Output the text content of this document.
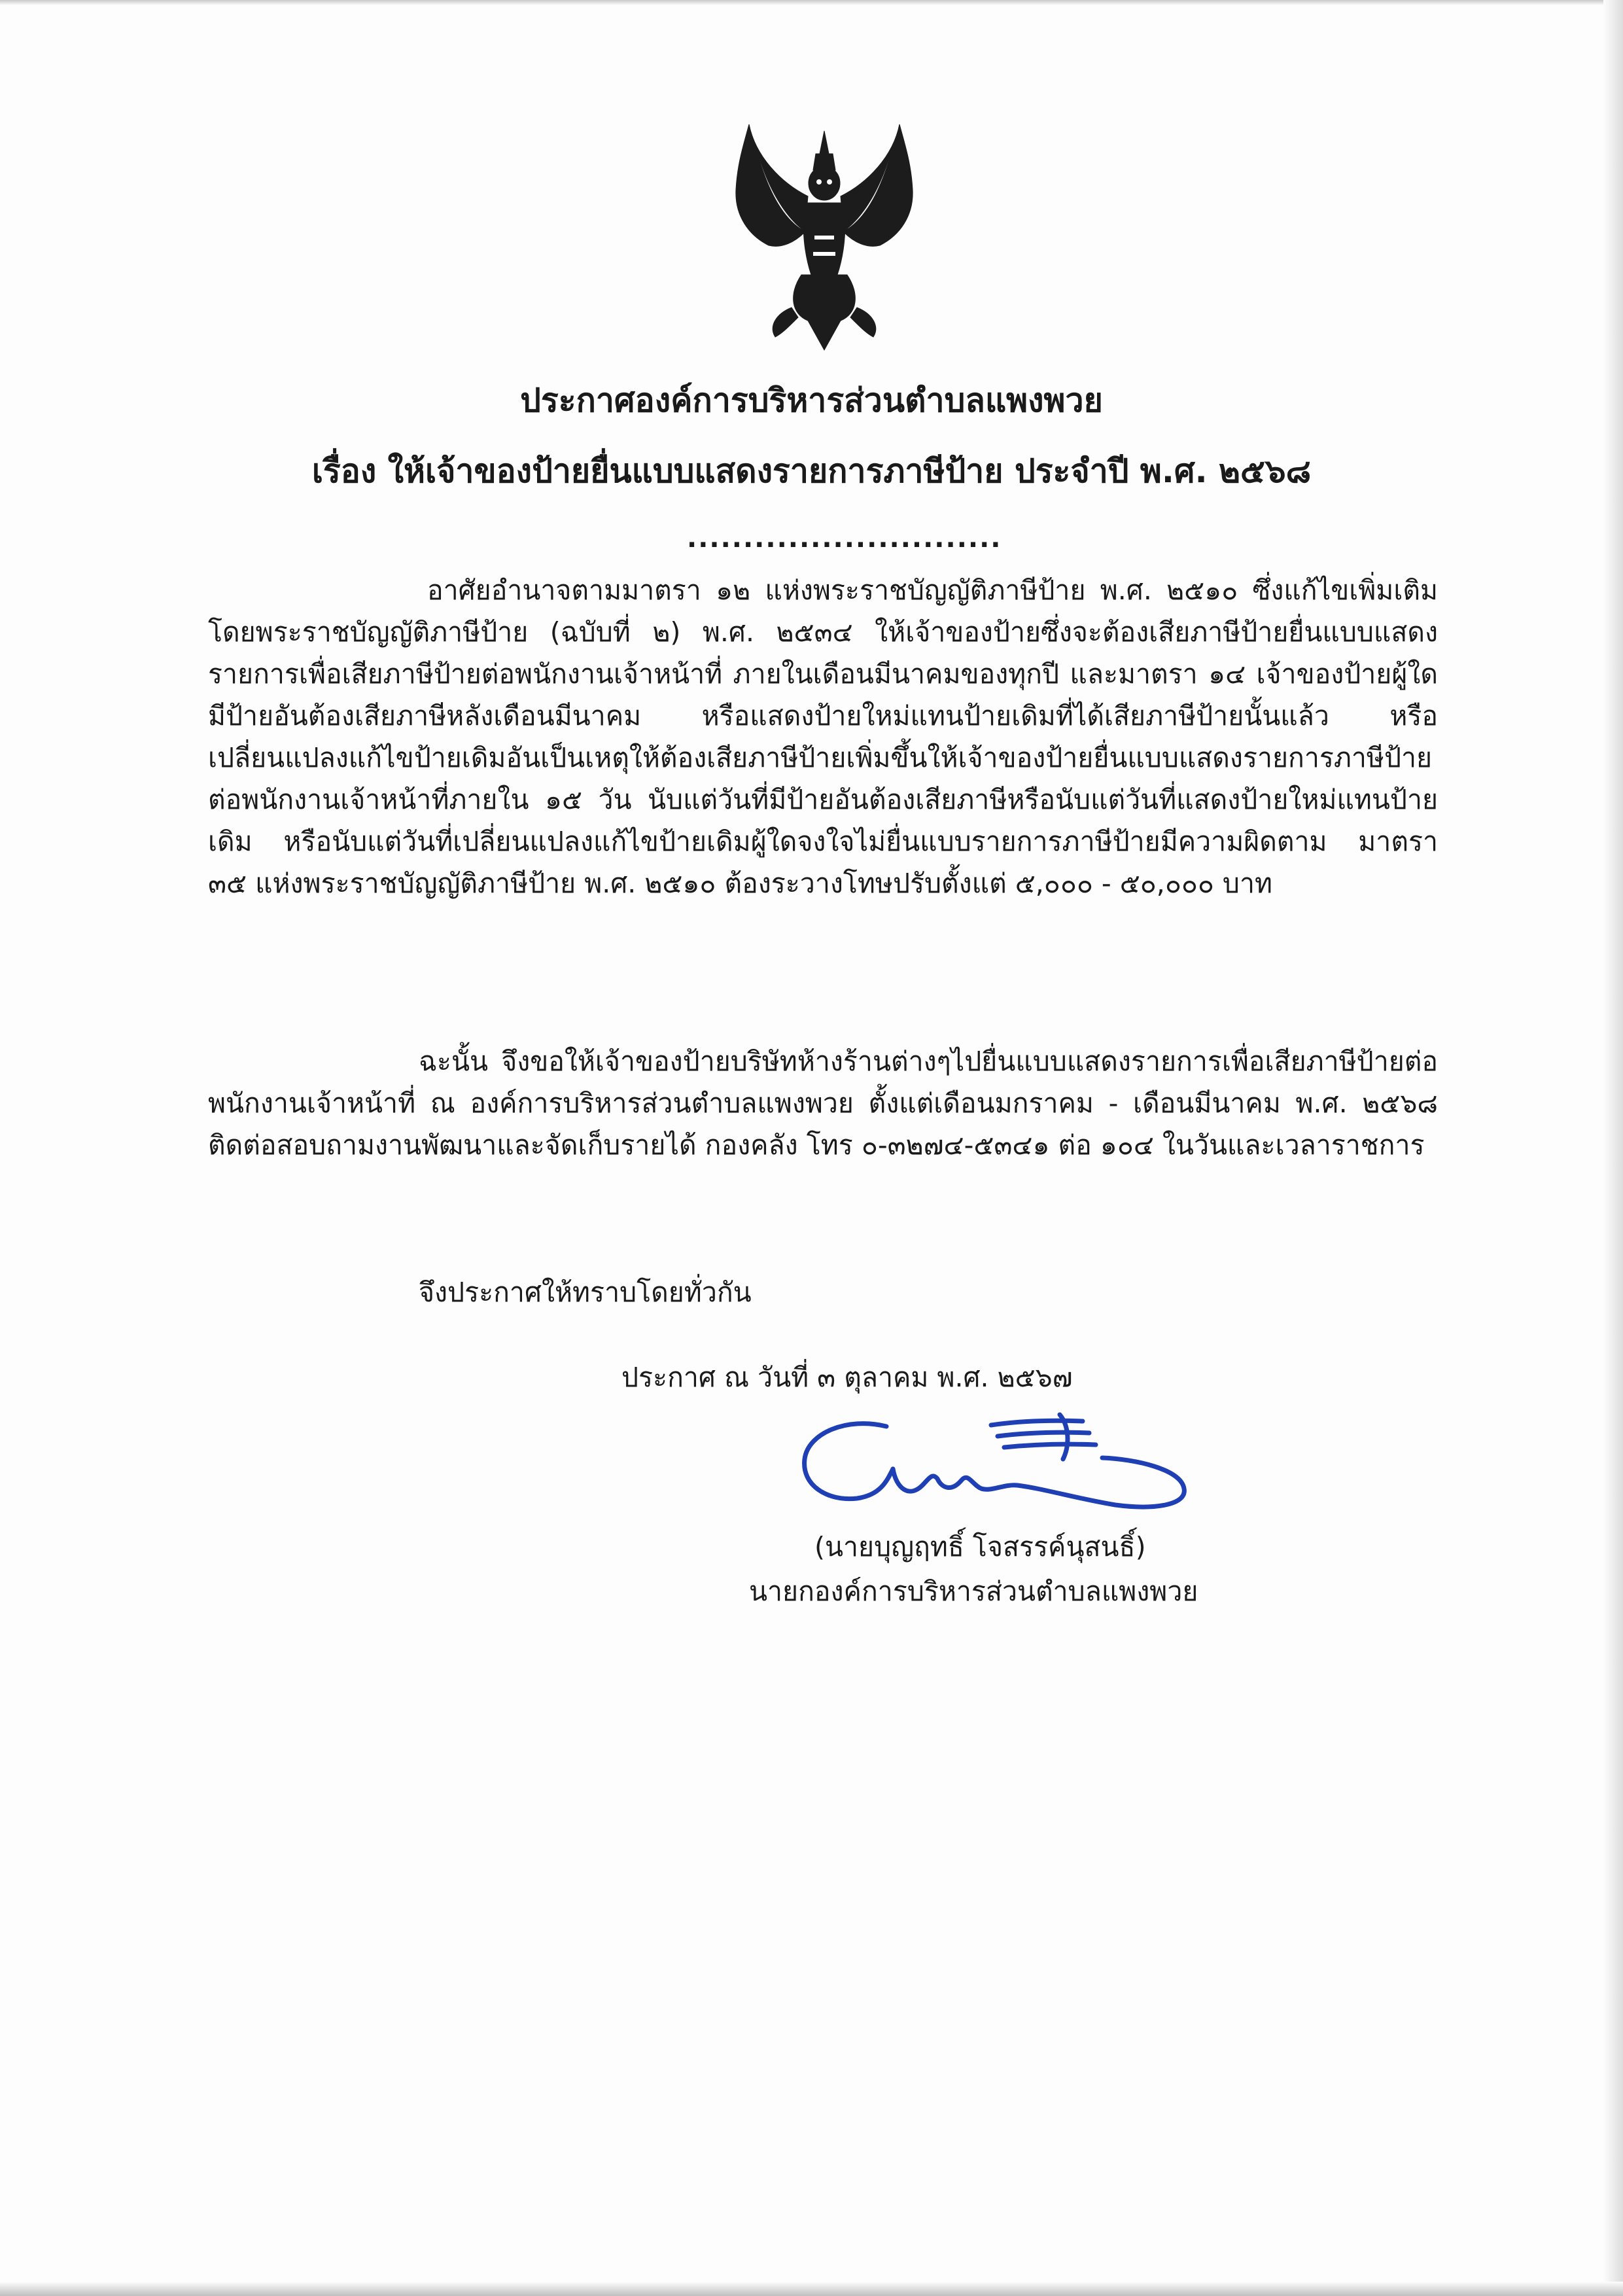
ประกาศองค์การบริหารส่วนตำบลแพงพวย
เรื่อง ให้เจ้าของป้ายยื่นแบบแสดงรายการภาษีป้าย ประจำปี พ.ศ. ๒๕๖๘
............................
อาศัยอำนาจตามมาตรา ๑๒ แห่งพระราชบัญญัติภาษีป้าย พ.ศ. ๒๕๑๐ ซึ่งแก้ไขเพิ่มเติม โดยพระราชบัญญัติภาษีป้าย (ฉบับที่ ๒) พ.ศ. ๒๕๓๔ ให้เจ้าของป้ายซึ่งจะต้องเสียภาษีป้ายยื่นแบบแสดงรายการเพื่อเสียภาษีป้ายต่อพนักงานเจ้าหน้าที่ ภายในเดือนมีนาคมของทุกปี และมาตรา ๑๔ เจ้าของป้ายผู้ใดมีป้ายอันต้องเสียภาษีหลังเดือนมีนาคม หรือแสดงป้ายใหม่แทนป้ายเดิมที่ได้เสียภาษีป้ายนั้นแล้ว หรือเปลี่ยนแปลงแก้ไขป้ายเดิมอันเป็นเหตุให้ต้องเสียภาษีป้ายเพิ่มขึ้นให้เจ้าของป้ายยื่นแบบแสดงรายการภาษีป้ายต่อพนักงานเจ้าหน้าที่ภายใน ๑๕ วัน นับแต่วันที่มีป้ายอันต้องเสียภาษีหรือนับแต่วันที่แสดงป้ายใหม่แทนป้ายเดิม หรือนับแต่วันที่เปลี่ยนแปลงแก้ไขป้ายเดิมผู้ใดจงใจไม่ยื่นแบบรายการภาษีป้ายมีความผิดตาม มาตรา ๓๕ แห่งพระราชบัญญัติภาษีป้าย พ.ศ. ๒๕๑๐ ต้องระวางโทษปรับตั้งแต่ ๕,๐๐๐ - ๕๐,๐๐๐ บาท
ฉะนั้น จึงขอให้เจ้าของป้ายบริษัทห้างร้านต่างๆไปยื่นแบบแสดงรายการเพื่อเสียภาษีป้ายต่อพนักงานเจ้าหน้าที่ ณ องค์การบริหารส่วนตำบลแพงพวย ตั้งแต่เดือนมกราคม - เดือนมีนาคม พ.ศ. ๒๕๖๘ ติดต่อสอบถามงานพัฒนาและจัดเก็บรายได้ กองคลัง โทร ๐-๓๒๗๔-๕๓๔๑ ต่อ ๑๐๔ ในวันและเวลาราชการ
จึงประกาศให้ทราบโดยทั่วกัน
ประกาศ ณ วันที่ ๓ ตุลาคม พ.ศ. ๒๕๖๗
(นายบุญฤทธิ์ โจสรรค์นุสนธิ์)
นายกองค์การบริหารส่วนตำบลแพงพวย
